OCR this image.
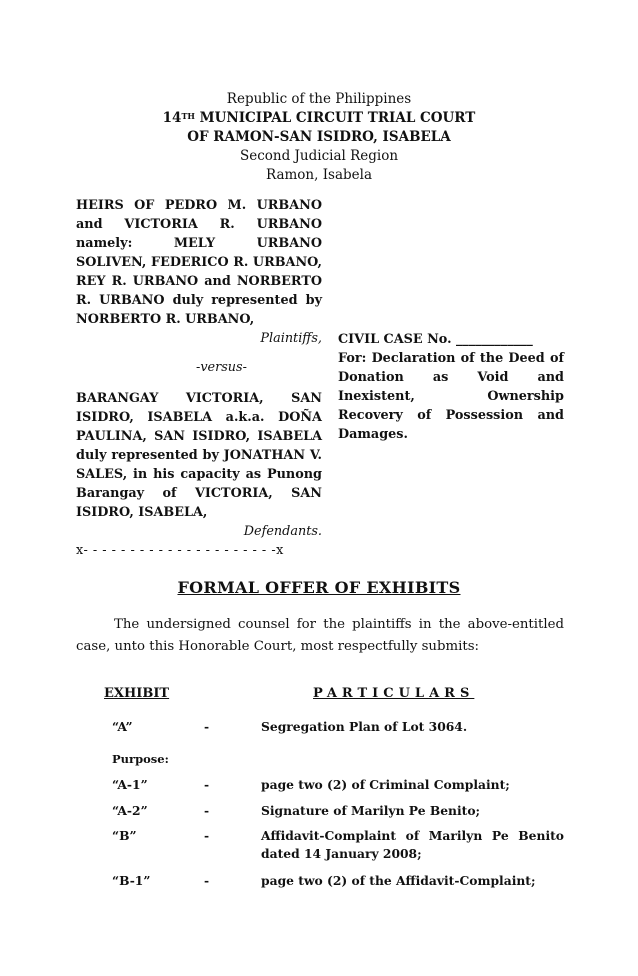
Republic of the Philippines
14TH MUNICIPAL CIRCUIT TRIAL COURT
OF RAMON-SAN ISIDRO, ISABELA
Second Judicial Region
Ramon, Isabela
HEIRS OF PEDRO M. URBANO and VICTORIA R. URBANO namely: MELY URBANO SOLIVEN, FEDERICO R. URBANO, REY R. URBANO and NORBERTO R. URBANO duly represented by NORBERTO R. URBANO,
Plaintiffs,
-versus-
BARANGAY VICTORIA, SAN ISIDRO, ISABELA a.k.a. DOÑA PAULINA, SAN ISIDRO, ISABELA duly represented by JONATHAN V. SALES, in his capacity as Punong Barangay of VICTORIA, SAN ISIDRO, ISABELA,
Defendants.
x- - - - - - - - - - - - - - - - - - - - -x
CIVIL CASE No. ____________
For: Declaration of the Deed of Donation as Void and Inexistent, Ownership Recovery of Possession and Damages.
FORMAL OFFER OF EXHIBITS
The undersigned counsel for the plaintiffs in the above-entitled case, unto this Honorable Court, most respectfully submits:
EXHIBIT	PARTICULARS
“A”	-	Segregation Plan of Lot 3064.
Purpose:
“A-1”	-	page two (2) of Criminal Complaint;
“A-2”	-	Signature of Marilyn Pe Benito;
“B”	-	Affidavit-Complaint of Marilyn Pe Benito dated 14 January 2008;
“B-1”	-	page two (2) of the Affidavit-Complaint;
